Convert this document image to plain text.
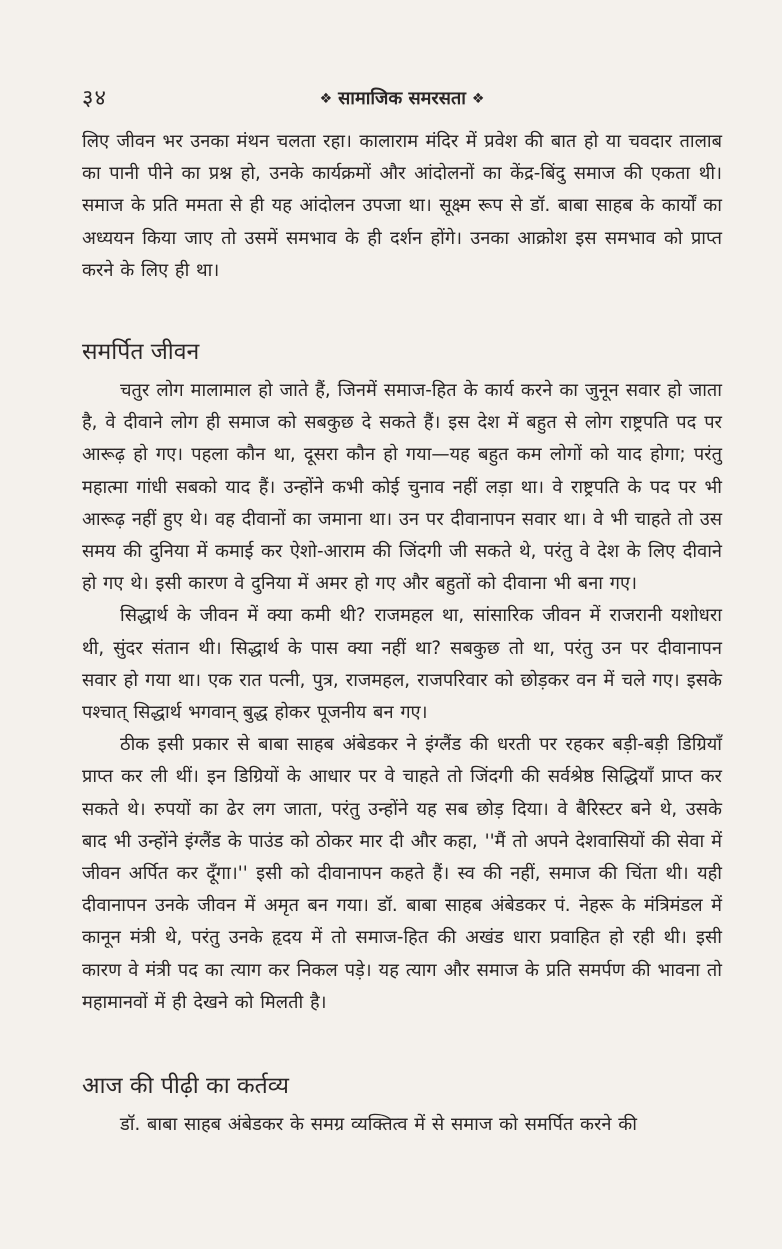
३४	❖ सामाजिक समरसता ❖

लिए जीवन भर उनका मंथन चलता रहा। कालाराम मंदिर में प्रवेश की बात हो या चवदार तालाब का पानी पीने का प्रश्न हो, उनके कार्यक्रमों और आंदोलनों का केंद्र-बिंदु समाज की एकता थी। समाज के प्रति ममता से ही यह आंदोलन उपजा था। सूक्ष्म रूप से डॉ. बाबा साहब के कार्यों का अध्ययन किया जाए तो उसमें समभाव के ही दर्शन होंगे। उनका आक्रोश इस समभाव को प्राप्त करने के लिए ही था।

समर्पित जीवन

चतुर लोग मालामाल हो जाते हैं, जिनमें समाज-हित के कार्य करने का जुनून सवार हो जाता है, वे दीवाने लोग ही समाज को सबकुछ दे सकते हैं। इस देश में बहुत से लोग राष्ट्रपति पद पर आरूढ़ हो गए। पहला कौन था, दूसरा कौन हो गया—यह बहुत कम लोगों को याद होगा; परंतु महात्मा गांधी सबको याद हैं। उन्होंने कभी कोई चुनाव नहीं लड़ा था। वे राष्ट्रपति के पद पर भी आरूढ़ नहीं हुए थे। वह दीवानों का जमाना था। उन पर दीवानापन सवार था। वे भी चाहते तो उस समय की दुनिया में कमाई कर ऐशो-आराम की जिंदगी जी सकते थे, परंतु वे देश के लिए दीवाने हो गए थे। इसी कारण वे दुनिया में अमर हो गए और बहुतों को दीवाना भी बना गए।

सिद्धार्थ के जीवन में क्या कमी थी? राजमहल था, सांसारिक जीवन में राजरानी यशोधरा थी, सुंदर संतान थी। सिद्धार्थ के पास क्या नहीं था? सबकुछ तो था, परंतु उन पर दीवानापन सवार हो गया था। एक रात पत्नी, पुत्र, राजमहल, राजपरिवार को छोड़कर वन में चले गए। इसके पश्चात् सिद्धार्थ भगवान् बुद्ध होकर पूजनीय बन गए।

ठीक इसी प्रकार से बाबा साहब अंबेडकर ने इंग्लैंड की धरती पर रहकर बड़ी-बड़ी डिग्रियाँ प्राप्त कर ली थीं। इन डिग्रियों के आधार पर वे चाहते तो जिंदगी की सर्वश्रेष्ठ सिद्धियाँ प्राप्त कर सकते थे। रुपयों का ढेर लग जाता, परंतु उन्होंने यह सब छोड़ दिया। वे बैरिस्टर बने थे, उसके बाद भी उन्होंने इंग्लैंड के पाउंड को ठोकर मार दी और कहा, ''मैं तो अपने देशवासियों की सेवा में जीवन अर्पित कर दूँगा।'' इसी को दीवानापन कहते हैं। स्व की नहीं, समाज की चिंता थी। यही दीवानापन उनके जीवन में अमृत बन गया। डॉ. बाबा साहब अंबेडकर पं. नेहरू के मंत्रिमंडल में कानून मंत्री थे, परंतु उनके हृदय में तो समाज-हित की अखंड धारा प्रवाहित हो रही थी। इसी कारण वे मंत्री पद का त्याग कर निकल पड़े। यह त्याग और समाज के प्रति समर्पण की भावना तो महामानवों में ही देखने को मिलती है।

आज की पीढ़ी का कर्तव्य

डॉ. बाबा साहब अंबेडकर के समग्र व्यक्तित्व में से समाज को समर्पित करने की
